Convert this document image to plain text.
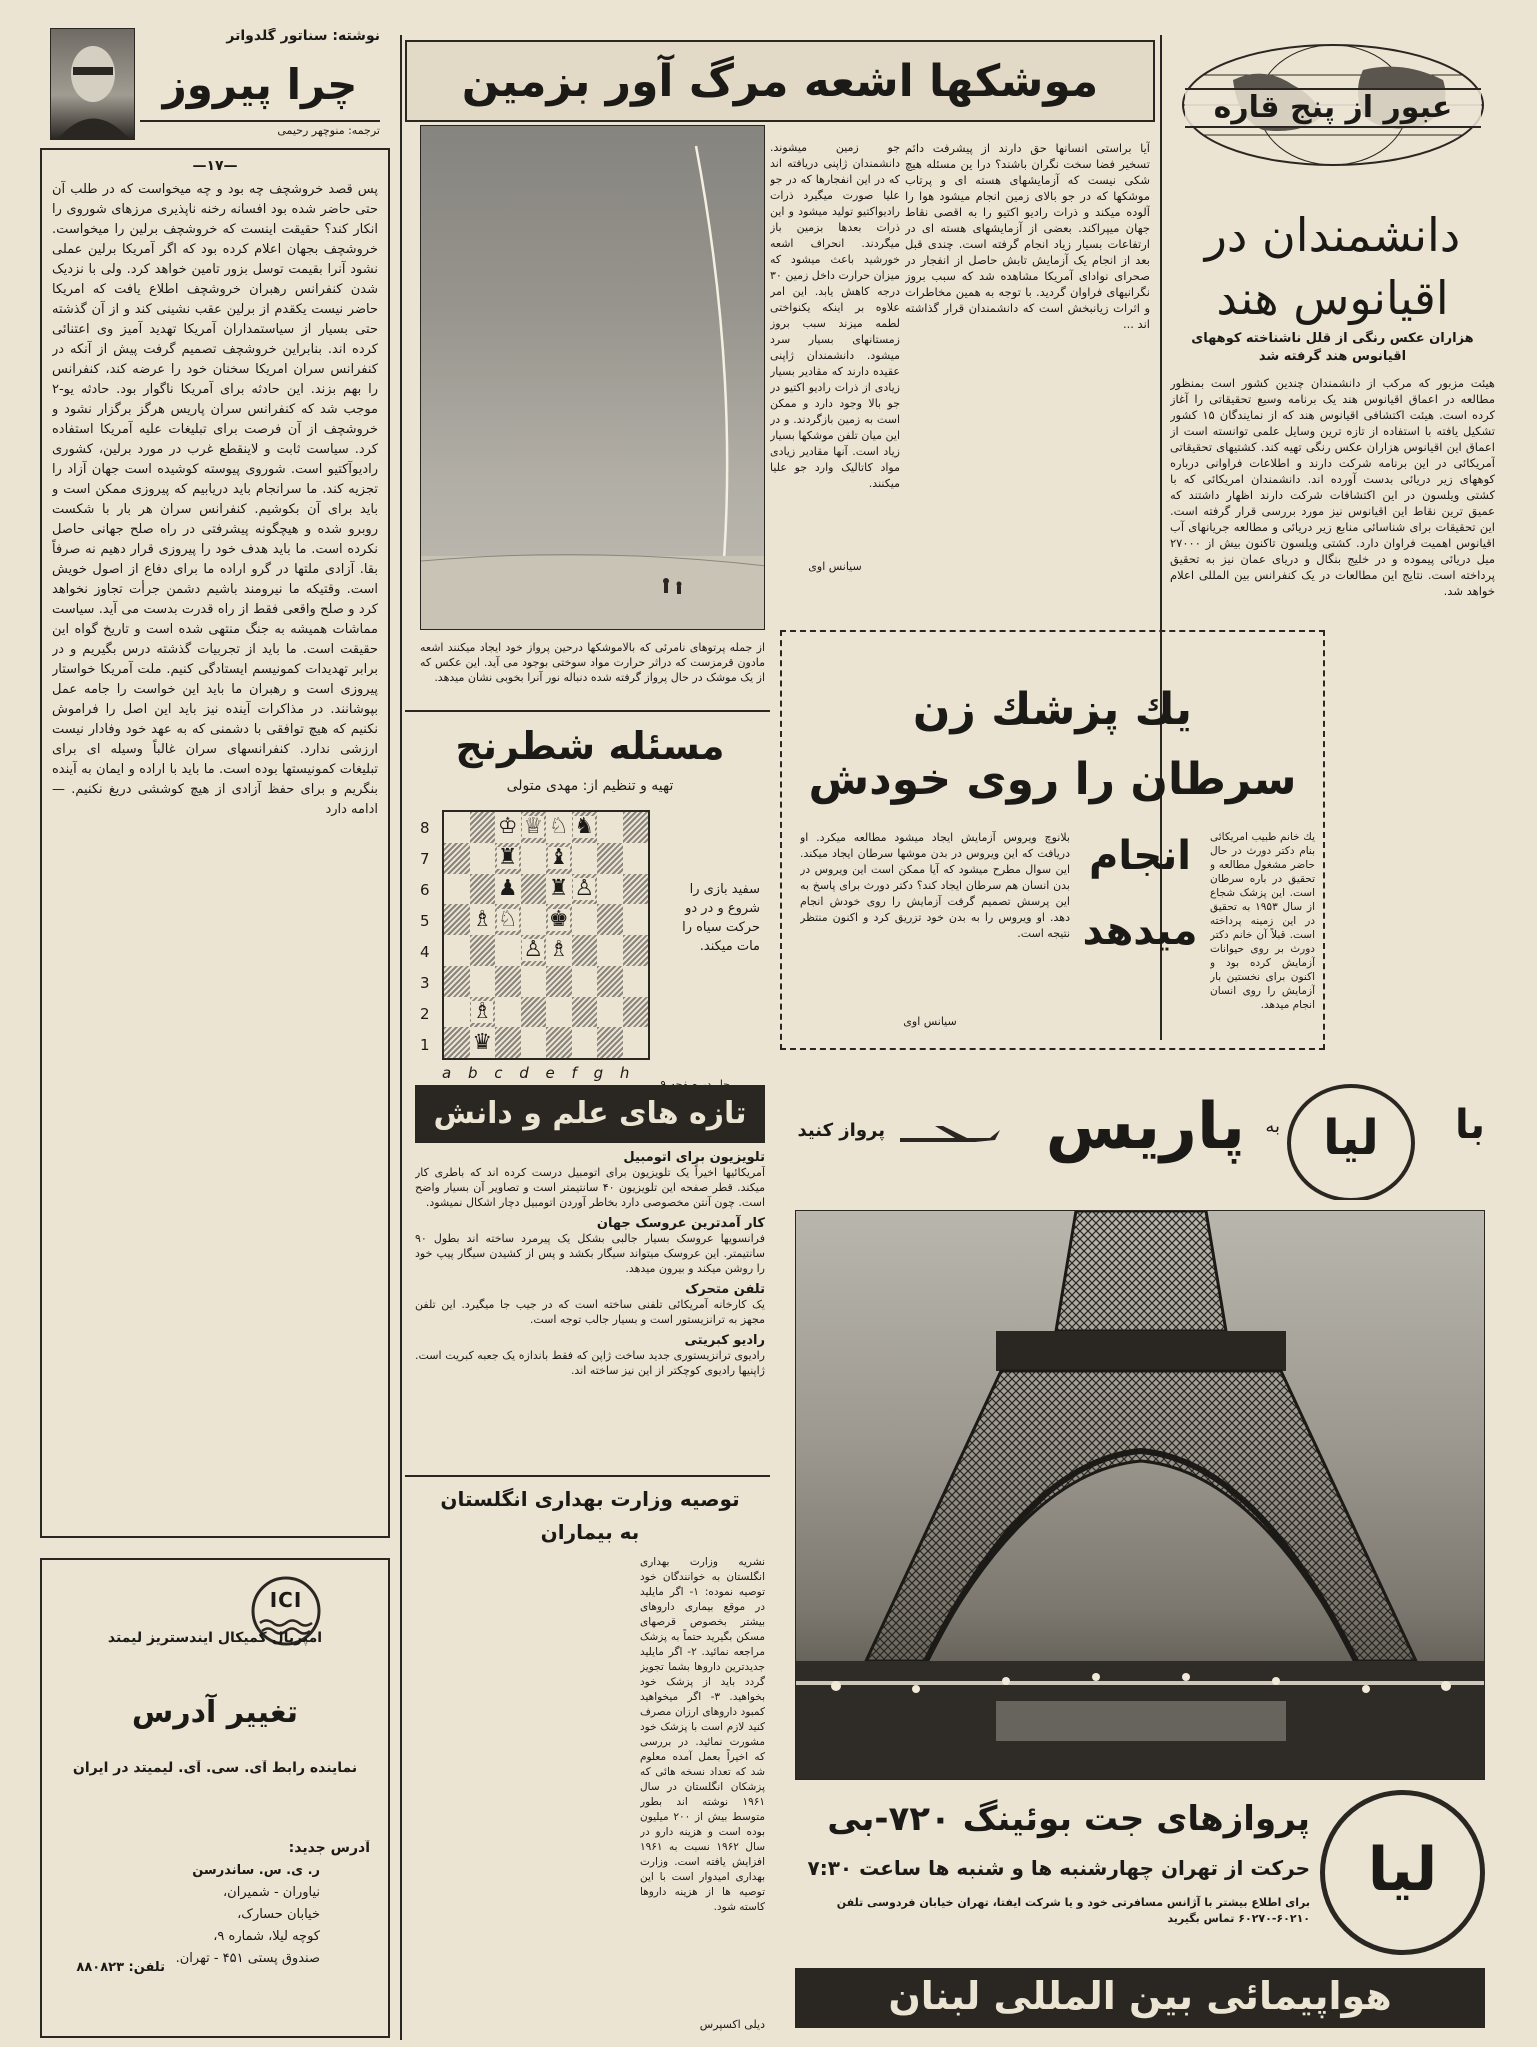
عبور از پنج قاره
دانشمندان در
اقیانوس هند
هزاران عکس رنگی از قلل ناشناخته کوههای اقیانوس هند گرفته شد
هیئت مزبور که مرکب از دانشمندان چندین کشور است بمنظور مطالعه در اعماق اقیانوس هند یک برنامه وسیع تحقیقاتی را آغاز کرده است. هیئت اکتشافی اقیانوس هند که از نمایندگان ۱۵ کشور تشکیل یافته با استفاده از تازه ترین وسایل علمی توانسته است از اعماق این اقیانوس هزاران عکس رنگی تهیه کند. کشتیهای تحقیقاتی آمریکائی در این برنامه شرکت دارند و اطلاعات فراوانی درباره کوههای زیر دریائی بدست آورده اند. دانشمندان امریکائی که با کشتی ویلسون در این اکتشافات شرکت دارند اظهار داشتند که عمیق ترین نقاط این اقیانوس نیز مورد بررسی قرار گرفته است. این تحقیقات برای شناسائی منابع زیر دریائی و مطالعه جریانهای آب اقیانوس اهمیت فراوان دارد. کشتی ویلسون تاکنون بیش از ۲۷۰۰۰ میل دریائی پیموده و در خلیج بنگال و دریای عمان نیز به تحقیق پرداخته است. نتایج این مطالعات در یک کنفرانس بین المللی اعلام خواهد شد.
موشکها اشعه مرگ آور بزمین
آیا براستی انسانها حق دارند از پیشرفت دائم تسخیر فضا سخت نگران باشند؟ درا ین مسئله هیچ شکی نیست که آزمایشهای هسته ای و پرتاب موشکها که در جو بالای زمین انجام میشود هوا را آلوده میکند و ذرات رادیو اکتیو را به اقصی نقاط جهان میپراکند. بعضی از آزمایشهای هسته ای در ارتفاعات بسیار زیاد انجام گرفته است. چندی قبل بعد از انجام یک آزمایش تابش حاصل از انفجار در صحرای نوادای آمریکا مشاهده شد که سبب بروز نگرانیهای فراوان گردید. با توجه به همین مخاطرات و اثرات زیانبخش است که دانشمندان قرار گذاشته اند ...
جو زمین میشوند. دانشمندان ژاپنی دریافته اند که در این انفجارها که در جو علیا صورت میگیرد ذرات رادیواکتیو تولید میشود و این ذرات بعدها بزمین باز میگردند. انحراف اشعه خورشید باعث میشود که میزان حرارت داخل زمین ۳۰ درجه کاهش یابد. این امر علاوه بر اینکه یکنواختی لطمه میزند سبب بروز زمستانهای بسیار سرد میشود. دانشمندان ژاپنی عقیده دارند که مقادیر بسیار زیادی از ذرات رادیو اکتیو در جو بالا وجود دارد و ممکن است به زمین بازگردند. و در این میان تلفن موشکها بسیار زیاد است. آنها مقادیر زیادی مواد کاتالیک وارد جو علیا میکنند.
از جمله پرتوهای نامرئی که بالاموشکها درحین پرواز خود ایجاد میکنند اشعه مادون قرمزست که دراثر حرارت مواد سوختی بوجود می آید. این عکس که از یک موشک در حال پرواز گرفته شده دنباله نور آنرا بخوبی نشان میدهد.
سیانس اوی
یك پزشك زن
سرطان را روی خودش
انجام
میدهد
بلانوچ ویروس آزمایش ایجاد میشود مطالعه میکرد. او دریافت که این ویروس در بدن موشها سرطان ایجاد میکند. این سوال مطرح میشود که آیا ممکن است این ویروس در بدن انسان هم سرطان ایجاد کند؟ دکتر دورث برای پاسخ به این پرسش تصمیم گرفت آزمایش را روی خودش انجام دهد. او ویروس را به بدن خود تزریق کرد و اکنون منتظر نتیجه است.
یك خانم طبیب امریکائی بنام دکتر دورث در حال حاضر مشغول مطالعه و تحقیق در باره سرطان است. این پزشک شجاع از سال ۱۹۵۳ به تحقیق در این زمینه پرداخته است. قبلاً آن خانم دکتر دورث بر روی حیوانات آزمایش کرده بود و اکنون برای نخستین بار آزمایش را روی انسان انجام میدهد.
سیانس اوی
مسئله شطرنج
تهیه و تنظیم از: مهدی متولی
8
7
6
5
4
3
2
1
♔ ♕ ♘ ♞
♜ ♝
♟ ♜ ♙
♗ ♘ ♚
♙ ♗
♗
♛
a b c d e f g h
سفید بازی را شروع و در دو حرکت سیاه را مات میکند.
تازه های علم و دانش
تلویزیون برای اتومبیل
آمریکائیها اخیراً یک تلویزیون برای اتومبیل درست کرده اند که باطری کار میکند. قطر صفحه این تلویزیون ۴۰ سانتیمتر است و تصاویر آن بسیار واضح است. چون آنتن مخصوصی دارد بخاطر آوردن اتومبیل دچار اشکال نمیشود.
کار آمدترین عروسک جهان
فرانسویها عروسک بسیار جالبی بشکل یک پیرمرد ساخته اند بطول ۹۰ سانتیمتر. این عروسک میتواند سیگار بکشد و پس از کشیدن سیگار پیپ خود را روشن میکند و بیرون میدهد.
تلفن متحرک
یک کارخانه آمریکائی تلفنی ساخته است که در جیب جا میگیرد. این تلفن مجهز به ترانزیستور است و بسیار جالب توجه است.
رادیو کبریتی
رادیوی ترانزیستوری جدید ساخت ژاپن که فقط باندازه یک جعبه کبریت است. ژاپنیها رادیوی کوچکتر از این نیز ساخته اند.
توصیه وزارت بهداری انگلستان
به بیماران
نشریه وزارت بهداری انگلستان به خوانندگان خود توصیه نموده: ۱- اگر مایلید در موقع بیماری داروهای بیشتر بخصوص قرصهای مسکن بگیرید حتماً به پزشک مراجعه نمائید. ۲- اگر مایلید جدیدترین داروها بشما تجویز گردد باید از پزشک خود بخواهید. ۳- اگر میخواهید کمبود داروهای ارزان مصرف کنید لازم است با پزشک خود مشورت نمائید. در بررسی که اخیراً بعمل آمده معلوم شد که تعداد نسخه هائی که پزشکان انگلستان در سال ۱۹۶۱ نوشته اند بطور متوسط بیش از ۲۰۰ میلیون بوده است و هزینه دارو در سال ۱۹۶۲ نسبت به ۱۹۶۱ افزایش یافته است. وزارت بهداری امیدوار است با این توصیه ها از هزینه داروها کاسته شود.
دیلی اکسپرس
نوشته: سناتور گلدواتر
چرا پیروز
ترجمه: منوچهر رحیمی
—۱۷—
پس قصد خروشچف چه بود و چه میخواست که در طلب آن حتی حاضر شده بود افسانه رخنه ناپذیری مرزهای شوروی را انکار کند؟ حقیقت اینست که خروشچف برلین را میخواست. خروشچف بجهان اعلام کرده بود که اگر آمریکا برلین عملی نشود آنرا بقیمت توسل بزور تامین خواهد کرد. ولی با نزدیک شدن کنفرانس رهبران خروشچف اطلاع یافت که امریکا حاضر نیست یکقدم از برلین عقب نشینی کند و از آن گذشته حتی بسیار از سیاستمداران آمریکا تهدید آمیز وی اعتنائی کرده اند. بنابراین خروشچف تصمیم گرفت پیش از آنکه در کنفرانس سران امریکا سخنان خود را عرضه کند، کنفرانس را بهم بزند. این حادثه برای آمریکا ناگوار بود. حادثه یو-۲ موجب شد که کنفرانس سران پاریس هرگز برگزار نشود و خروشچف از آن فرصت برای تبلیغات علیه آمریکا استفاده کرد. سیاست ثابت و لاینقطع غرب در مورد برلین، کشوری رادیوآکتیو است. شوروی پیوسته کوشیده است جهان آزاد را تجزیه کند. ما سرانجام باید دریابیم که پیروزی ممکن است و باید برای آن بکوشیم. کنفرانس سران هر بار با شکست روبرو شده و هیچگونه پیشرفتی در راه صلح جهانی حاصل نکرده است. ما باید هدف خود را پیروزی قرار دهیم نه صرفاً بقا. آزادی ملتها در گرو اراده ما برای دفاع از اصول خویش است. وقتیکه ما نیرومند باشیم دشمن جرأت تجاوز نخواهد کرد و صلح واقعی فقط از راه قدرت بدست می آید. سیاست مماشات همیشه به جنگ منتهی شده است و تاریخ گواه این حقیقت است. ما باید از تجربیات گذشته درس بگیریم و در برابر تهدیدات کمونیسم ایستادگی کنیم. ملت آمریکا خواستار پیروزی است و رهبران ما باید این خواست را جامه عمل بپوشانند. در مذاکرات آینده نیز باید این اصل را فراموش نکنیم که هیچ توافقی با دشمنی که به عهد خود وفادار نیست ارزشی ندارد. کنفرانسهای سران غالباً وسیله ای برای تبلیغات کمونیستها بوده است. ما باید با اراده و ایمان به آینده بنگریم و برای حفظ آزادی از هیچ کوششی دریغ نکنیم. — ادامه دارد
ICI
امپریال کمیکال ایندستریز لیمتد
تغییر آدرس
نماینده رابط آی. سی. آی. لیمیتد در ایران
آدرس جدید:
ر. ی. س. ساندرسن
نیاوران - شمیران،
خیابان حسارک،
کوچه لیلا، شماره ۹،
صندوق پستی ۴۵۱ - تهران.
تلفن: ۸۸۰۸۲۳
با
لیا
به
پاریس
پرواز کنید
لیا
پروازهای جت بوئینگ ۷۲۰-بی
حرکت از تهران چهارشنبه ها و شنبه ها ساعت ۷:۳۰
برای اطلاع بیشتر با آژانس مسافرتی خود و یا شرکت ایفتا، تهران خیابان فردوسی تلفن ۶۰۲۱۰-۶۰۲۷۰ تماس بگیرید
هواپیمائی بین المللی لبنان
